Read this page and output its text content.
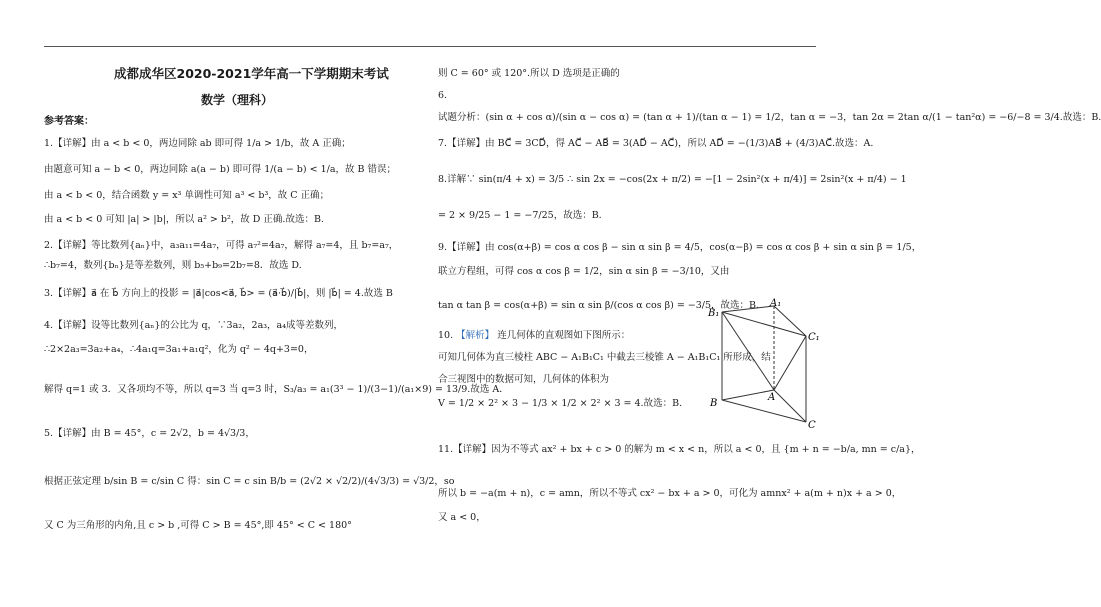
成都成华区2020-2021学年高一下学期期末考试
数学（理科）
参考答案：
1.【详解】由 a < b < 0，两边同除 ab 即可得 1/a > 1/b，故 A 正确；
由题意可知 a − b < 0，两边同除 a(a − b) 即可得 1/(a − b) < 1/a，故 B 错误；
由 a < b < 0，结合函数 y = x³ 单调性可知 a³ < b³，故 C 正确；
由 a < b < 0 可知 |a| > |b|，所以 a² > b²，故 D 正确.故选：B.
2.【详解】等比数列{aₙ}中，a₃a₁₁=4a₇，可得 a₇²=4a₇，解得 a₇=4，且 b₇=a₇，
∴b₇=4，数列{bₙ}是等差数列，则 b₅+b₉=2b₇=8．故选 D.
3.【详解】a⃗ 在 b⃗ 方向上的投影 = |a⃗|cos<a⃗, b⃗> = (a⃗·b⃗)/|b⃗|，则 |b⃗| = 4.故选 B
4.【详解】设等比数列{aₙ}的公比为 q，∵3a₂，2a₃，a₄成等差数列，
∴2×2a₃=3a₂+a₄，∴4a₁q=3a₁+a₁q²，化为 q² − 4q+3=0，
解得 q=1 或 3．又各项均不等，所以 q=3 当 q=3 时，S₃/a₃ = a₁(3³ − 1)/(3−1)/(a₁×9) = 13/9.故选 A．
5.【详解】由 B = 45°，c = 2√2，b = 4√3/3，
根据正弦定理 b/sin B = c/sin C 得：sin C = c sin B/b = (2√2 × √2/2)/(4√3/3) = √3/2，so
又 C 为三角形的内角,且 c > b ,可得 C > B = 45°,即 45° < C < 180°
则 C = 60° 或 120°.所以 D 选项是正确的
6.
试题分析：(sin α + cos α)/(sin α − cos α) = (tan α + 1)/(tan α − 1) = 1/2，tan α = −3，tan 2α = 2tan α/(1 − tan²α) = −6/−8 = 3/4.故选：B.
7.【详解】由 BC⃗ = 3CD⃗，得 AC⃗ − AB⃗ = 3(AD⃗ − AC⃗)，所以 AD⃗ = −(1/3)AB⃗ + (4/3)AC⃗.故选：A.
8.详解∵ sin(π/4 + x) = 3/5 ∴ sin 2x = −cos(2x + π/2) = −[1 − 2sin²(x + π/4)] = 2sin²(x + π/4) − 1
= 2 × 9/25 − 1 = −7/25，故选：B.
9.【详解】由 cos(α+β) = cos α cos β − sin α sin β = 4/5，cos(α−β) = cos α cos β + sin α sin β = 1/5，
联立方程组，可得 cos α cos β = 1/2，sin α sin β = −3/10，又由
tan α tan β = cos(α+β) = sin α sin β/(cos α cos β) = −3/5，故选：B.
10. 【解析】 连几何体的直观图如下图所示：
可知几何体为直三棱柱 ABC − A₁B₁C₁ 中截去三棱锥 A − A₁B₁C₁ 所形成，结
合三视图中的数据可知，几何体的体积为
V = 1/2 × 2² × 3 − 1/3 × 1/2 × 2² × 3 = 4.故选：B.
11.【详解】因为不等式 ax² + bx + c > 0 的解为 m < x < n，所以 a < 0，且 {m + n = −b/a, mn = c/a}，
所以 b = −a(m + n)，c = amn，所以不等式 cx² − bx + a > 0，可化为 amnx² + a(m + n)x + a > 0，
又 a < 0，
B₁
A₁
C₁
A
B
C
